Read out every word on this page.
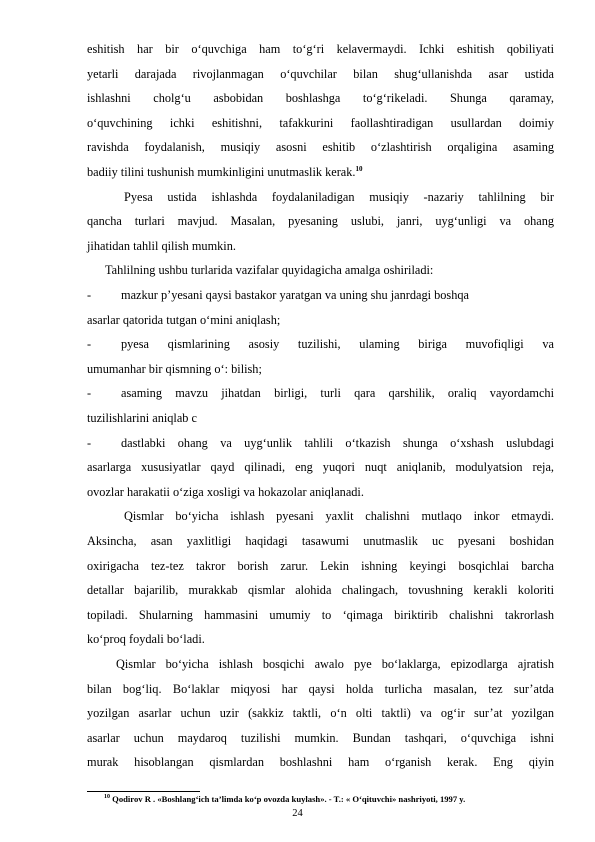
eshitish har bir o‘quvchiga ham to‘g‘ri kelavermaydi. Ichki eshitish qobiliyati
yetarli darajada rivojlanmagan o‘quvchilar bilan shug‘ullanishda asar ustida
ishlashni cholg‘u asbobidan boshlashga to‘g‘rikeladi. Shunga qaramay,
o‘quvchining ichki eshitishni, tafakkurini faollashtiradigan usullardan doimiy
ravishda foydalanish, musiqiy asosni eshitib o‘zlashtirish orqaligina asaming
badiiy tilini tushunish mumkinligini unutmaslik kerak.$^{10}$
Pyesa ustida ishlashda foydalaniladigan musiqiy -nazariy tahlilning bir
qancha turlari mavjud. Masalan, pyesaning uslubi, janri, uyg‘unligi va ohang
jihatidan tahlil qilish mumkin.
Tahlilning ushbu turlarida vazifalar quyidagicha amalga oshiriladi:
- mazkur p’yesani qaysi bastakor yaratgan va uning shu janrdagi boshqa
asarlar qatorida tutgan o‘mini aniqlash;
- pyesa qismlarining asosiy tuzilishi, ulaming biriga muvofiqligi va
umumanhar bir qismning o‘: bilish;
- asaming mavzu jihatdan birligi, turli qara qarshilik, oraliq vayordamchi
tuzilishlarini aniqlab c
- dastlabki ohang va uyg‘unlik tahlili o‘tkazish shunga o‘xshash uslubdagi
asarlarga xususiyatlar qayd qilinadi, eng yuqori nuqt aniqlanib, modulyatsion reja,
ovozlar harakatii o‘ziga xosligi va hokazolar aniqlanadi.
Qismlar bo‘yicha ishlash pyesani yaxlit chalishni mutlaqo inkor etmaydi.
Aksincha, asan yaxlitligi haqidagi tasawumi unutmaslik uc pyesani boshidan
oxirigacha tez-tez takror borish zarur. Lekin ishning keyingi bosqichlai barcha
detallar bajarilib, murakkab qismlar alohida chalingach, tovushning kerakli koloriti
topiladi. Shularning hammasini umumiy to ‘qimaga biriktirib chalishni takrorlash
ko‘proq foydali bo‘ladi.
Qismlar bo‘yicha ishlash bosqichi awalo pye bo‘laklarga, epizodlarga ajratish
bilan bog‘liq. Bo‘laklar miqyosi har qaysi holda turlicha masalan, tez sur’atda
yozilgan asarlar uchun uzir (sakkiz taktli, o‘n olti taktli) va og‘ir sur’at yozilgan
asarlar uchun maydaroq tuzilishi mumkin. Bundan tashqari, o‘quvchiga ishni
murak hisoblangan qismlardan boshlashni ham o‘rganish kerak. Eng qiyin
$^{10}$ Qodirov R . «Boshlang‘ich ta’limda ko‘p ovozda kuylash». - T.: « O‘qituvchi» nashriyoti, 1997 y.
24
